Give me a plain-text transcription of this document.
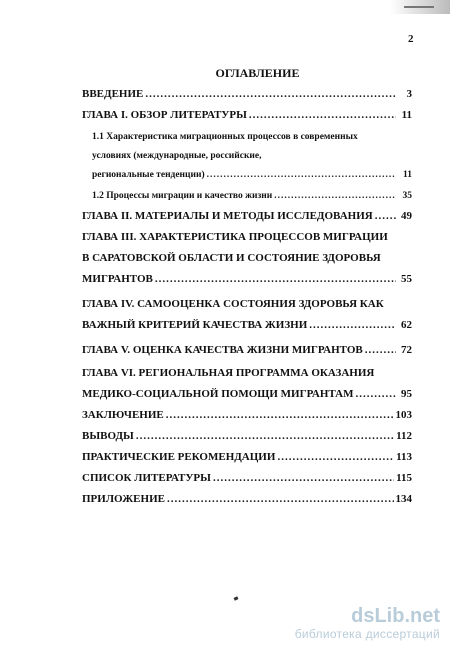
2
ОГЛАВЛЕНИЕ
ВВЕДЕНИЕ .....	3
ГЛАВА I. ОБЗОР ЛИТЕРАТУРЫ .....	11
1.1 Характеристика миграционных процессов в современных
условиях (международные, российские,
региональные тенденции) .....	11
1.2 Процессы миграции и качество жизни .....	35
ГЛАВА II. МАТЕРИАЛЫ И МЕТОДЫ ИССЛЕДОВАНИЯ .....	49
ГЛАВА III. ХАРАКТЕРИСТИКА ПРОЦЕССОВ МИГРАЦИИ
В САРАТОВСКОЙ ОБЛАСТИ И СОСТОЯНИЕ ЗДОРОВЬЯ
МИГРАНТОВ .....	55
ГЛАВА IV. САМООЦЕНКА СОСТОЯНИЯ ЗДОРОВЬЯ КАК
ВАЖНЫЙ КРИТЕРИЙ КАЧЕСТВА ЖИЗНИ .....	62
ГЛАВА V. ОЦЕНКА КАЧЕСТВА ЖИЗНИ МИГРАНТОВ .....	72
ГЛАВА VI. РЕГИОНАЛЬНАЯ ПРОГРАММА ОКАЗАНИЯ
МЕДИКО-СОЦИАЛЬНОЙ ПОМОЩИ МИГРАНТАМ .....	95
ЗАКЛЮЧЕНИЕ .....	103
ВЫВОДЫ .....	112
ПРАКТИЧЕСКИЕ РЕКОМЕНДАЦИИ .....	113
СПИСОК ЛИТЕРАТУРЫ .....	115
ПРИЛОЖЕНИЕ .....	134
dsLib.net
библиотека диссертаций
